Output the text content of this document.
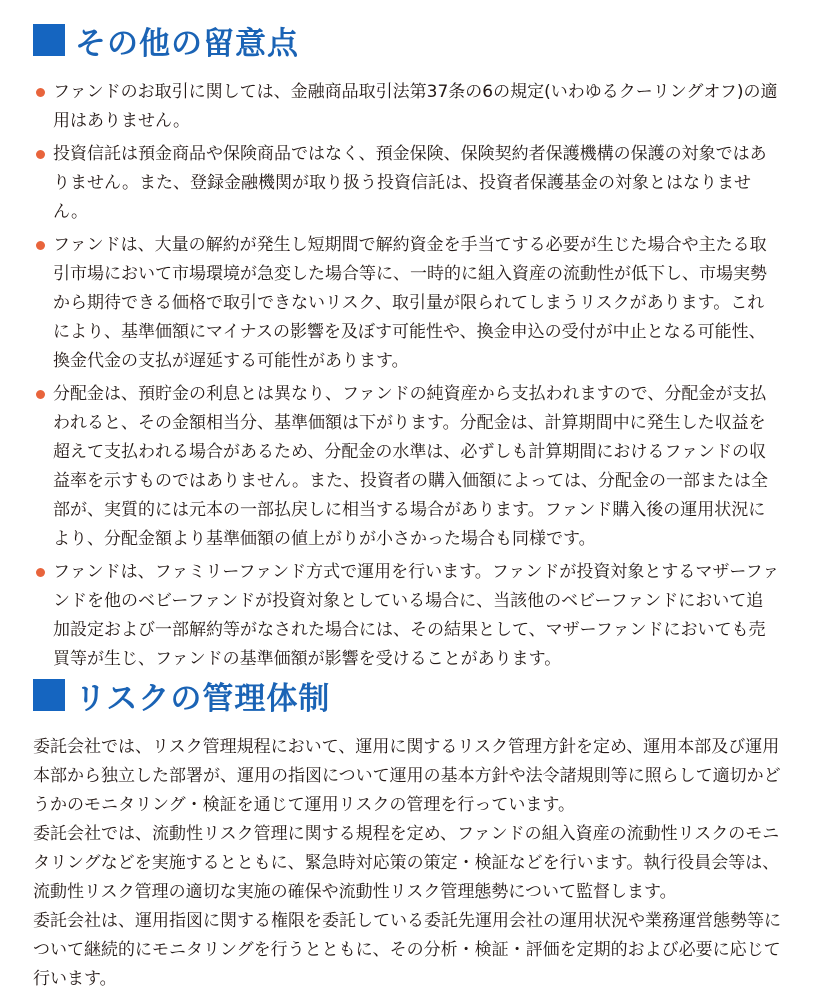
その他の留意点
ファンドのお取引に関しては、金融商品取引法第37条の6の規定(いわゆるクーリングオフ)の適用はありません。
投資信託は預金商品や保険商品ではなく、預金保険、保険契約者保護機構の保護の対象ではありません。また、登録金融機関が取り扱う投資信託は、投資者保護基金の対象とはなりません。
ファンドは、大量の解約が発生し短期間で解約資金を手当てする必要が生じた場合や主たる取引市場において市場環境が急変した場合等に、一時的に組入資産の流動性が低下し、市場実勢から期待できる価格で取引できないリスク、取引量が限られてしまうリスクがあります。これにより、基準価額にマイナスの影響を及ぼす可能性や、換金申込の受付が中止となる可能性、換金代金の支払が遅延する可能性があります。
分配金は、預貯金の利息とは異なり、ファンドの純資産から支払われますので、分配金が支払われると、その金額相当分、基準価額は下がります。分配金は、計算期間中に発生した収益を超えて支払われる場合があるため、分配金の水準は、必ずしも計算期間におけるファンドの収益率を示すものではありません。また、投資者の購入価額によっては、分配金の一部または全部が、実質的には元本の一部払戻しに相当する場合があります。ファンド購入後の運用状況により、分配金額より基準価額の値上がりが小さかった場合も同様です。
ファンドは、ファミリーファンド方式で運用を行います。ファンドが投資対象とするマザーファンドを他のベビーファンドが投資対象としている場合に、当該他のベビーファンドにおいて追加設定および一部解約等がなされた場合には、その結果として、マザーファンドにおいても売買等が生じ、ファンドの基準価額が影響を受けることがあります。
リスクの管理体制

委託会社では、リスク管理規程において、運用に関するリスク管理方針を定め、運用本部及び運用本部から独立した部署が、運用の指図について運用の基本方針や法令諸規則等に照らして適切かどうかのモニタリング・検証を通じて運用リスクの管理を行っています。

委託会社では、流動性リスク管理に関する規程を定め、ファンドの組入資産の流動性リスクのモニタリングなどを実施するとともに、緊急時対応策の策定・検証などを行います。執行役員会等は、流動性リスク管理の適切な実施の確保や流動性リスク管理態勢について監督します。

委託会社は、運用指図に関する権限を委託している委託先運用会社の運用状況や業務運営態勢等について継続的にモニタリングを行うとともに、その分析・検証・評価を定期的および必要に応じて行います。
